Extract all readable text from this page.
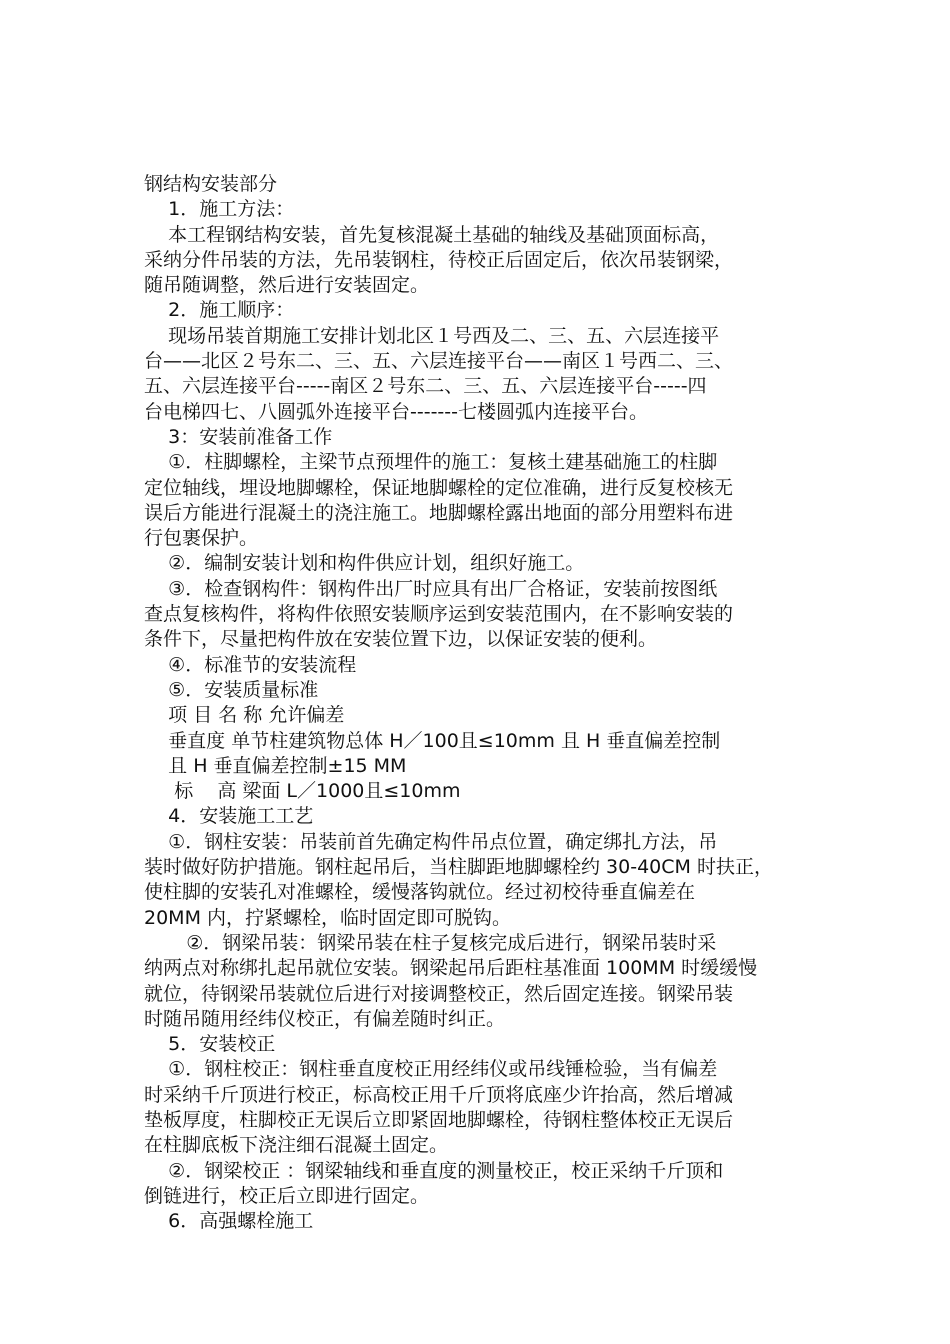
钢结构安装部分
1．施工方法：
本工程钢结构安装，首先复核混凝土基础的轴线及基础顶面标高，
采纳分件吊装的方法，先吊装钢柱，待校正后固定后，依次吊装钢梁，
随吊随调整，然后进行安装固定。
2．施工顺序：
现场吊装首期施工安排计划北区１号西及二、三、五、六层连接平
台——北区２号东二、三、五、六层连接平台——南区１号西二、三、
五、六层连接平台-----南区２号东二、三、五、六层连接平台-----四
台电梯四七、八圆弧外连接平台-------七楼圆弧内连接平台。
3：安装前准备工作
①．柱脚螺栓，主梁节点预埋件的施工：复核土建基础施工的柱脚
定位轴线，埋设地脚螺栓，保证地脚螺栓的定位准确，进行反复校核无
误后方能进行混凝土的浇注施工。地脚螺栓露出地面的部分用塑料布进
行包裹保护。
②．编制安装计划和构件供应计划，组织好施工。
③．检查钢构件：钢构件出厂时应具有出厂合格证，安装前按图纸
查点复核构件，将构件依照安装顺序运到安装范围内，在不影响安装的
条件下，尽量把构件放在安装位置下边，以保证安装的便利。
④．标准节的安装流程
⑤．安装质量标准
项 目 名 称 允许偏差
垂直度 单节柱建筑物总体 H／100且≤10mm 且 H 垂直偏差控制
且 H 垂直偏差控制±15 MM
标    高 梁面 L／1000且≤10mm
4．安装施工工艺
①．钢柱安装：吊装前首先确定构件吊点位置，确定绑扎方法，吊
装时做好防护措施。钢柱起吊后，当柱脚距地脚螺栓约 30-40CM 时扶正，
使柱脚的安装孔对准螺栓，缓慢落钩就位。经过初校待垂直偏差在
20MM 内，拧紧螺栓，临时固定即可脱钩。
②．钢梁吊装：钢梁吊装在柱子复核完成后进行，钢梁吊装时采
纳两点对称绑扎起吊就位安装。钢梁起吊后距柱基准面 100MM 时缓缓慢
就位，待钢梁吊装就位后进行对接调整校正，然后固定连接。钢梁吊装
时随吊随用经纬仪校正，有偏差随时纠正。
5．安装校正
①．钢柱校正：钢柱垂直度校正用经纬仪或吊线锤检验，当有偏差
时采纳千斤顶进行校正，标高校正用千斤顶将底座少许抬高，然后增减
垫板厚度，柱脚校正无误后立即紧固地脚螺栓，待钢柱整体校正无误后
在柱脚底板下浇注细石混凝土固定。
②．钢梁校正 ：钢梁轴线和垂直度的测量校正，校正采纳千斤顶和
倒链进行，校正后立即进行固定。
6．高强螺栓施工
